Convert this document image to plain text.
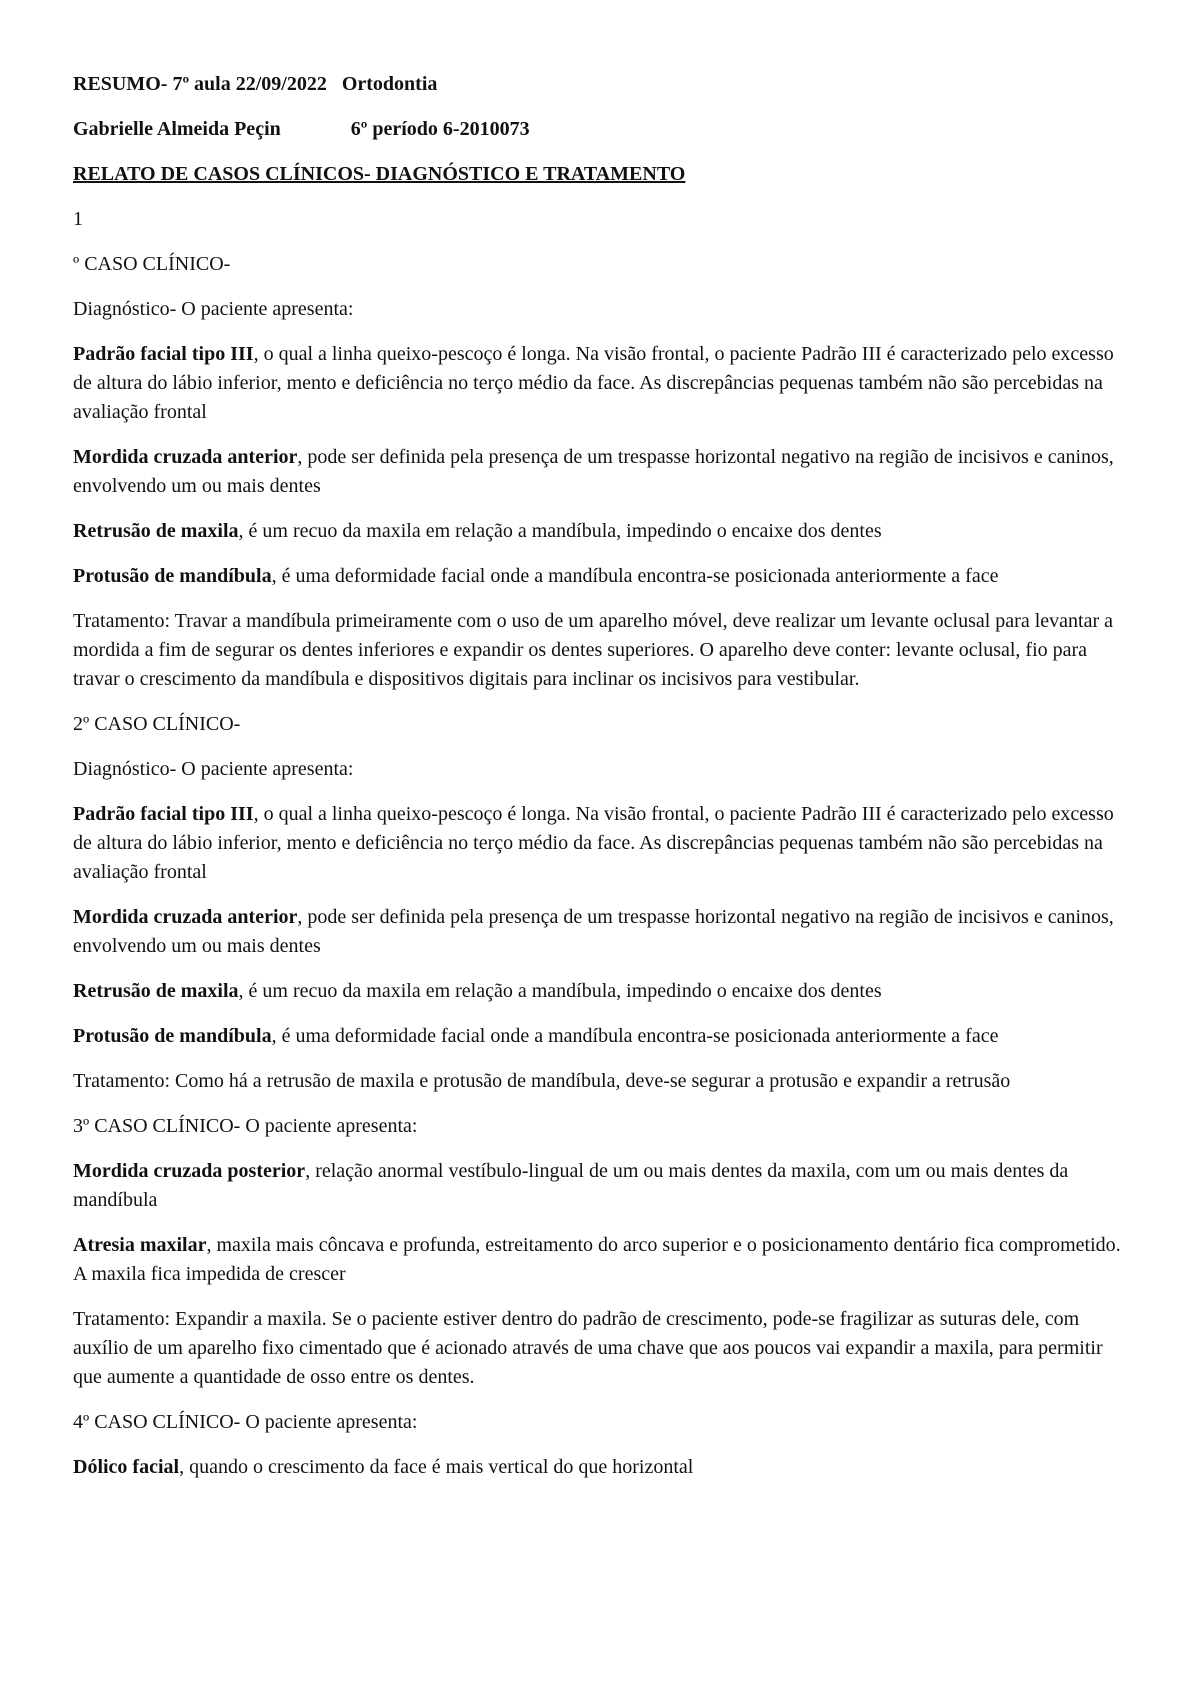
RESUMO- 7º aula 22/09/2022   Ortodontia

Gabrielle Almeida Peçin	6º período 6-2010073

RELATO DE CASOS CLÍNICOS- DIAGNÓSTICO E TRATAMENTO

1

º CASO CLÍNICO-

Diagnóstico- O paciente apresenta:

Padrão facial tipo III, o qual a linha queixo-pescoço é longa. Na visão frontal, o paciente Padrão III é caracterizado pelo excesso de altura do lábio inferior, mento e deficiência no terço médio da face. As discrepâncias pequenas também não são percebidas na avaliação frontal

Mordida cruzada anterior, pode ser definida pela presença de um trespasse horizontal negativo na região de incisivos e caninos, envolvendo um ou mais dentes

Retrusão de maxila, é um recuo da maxila em relação a mandíbula, impedindo o encaixe dos dentes

Protusão de mandíbula, é uma deformidade facial onde a mandíbula encontra-se posicionada anteriormente a face

Tratamento: Travar a mandíbula primeiramente com o uso de um aparelho móvel, deve realizar um levante oclusal para levantar a mordida a fim de segurar os dentes inferiores e expandir os dentes superiores. O aparelho deve conter: levante oclusal, fio para travar o crescimento da mandíbula e dispositivos digitais para inclinar os incisivos para vestibular.

2º CASO CLÍNICO-

Diagnóstico- O paciente apresenta:

Padrão facial tipo III, o qual a linha queixo-pescoço é longa. Na visão frontal, o paciente Padrão III é caracterizado pelo excesso de altura do lábio inferior, mento e deficiência no terço médio da face. As discrepâncias pequenas também não são percebidas na avaliação frontal

Mordida cruzada anterior, pode ser definida pela presença de um trespasse horizontal negativo na região de incisivos e caninos, envolvendo um ou mais dentes

Retrusão de maxila, é um recuo da maxila em relação a mandíbula, impedindo o encaixe dos dentes

Protusão de mandíbula, é uma deformidade facial onde a mandíbula encontra-se posicionada anteriormente a face

Tratamento: Como há a retrusão de maxila e protusão de mandíbula, deve-se segurar a protusão e expandir a retrusão

3º CASO CLÍNICO- O paciente apresenta:

Mordida cruzada posterior, relação anormal vestíbulo-lingual de um ou mais dentes da maxila, com um ou mais dentes da mandíbula

Atresia maxilar, maxila mais côncava e profunda, estreitamento do arco superior e o posicionamento dentário fica comprometido. A maxila fica impedida de crescer

Tratamento: Expandir a maxila. Se o paciente estiver dentro do padrão de crescimento, pode-se fragilizar as suturas dele, com auxílio de um aparelho fixo cimentado que é acionado através de uma chave que aos poucos vai expandir a maxila, para permitir que aumente a quantidade de osso entre os dentes.

4º CASO CLÍNICO- O paciente apresenta:

Dólico facial, quando o crescimento da face é mais vertical do que horizontal
